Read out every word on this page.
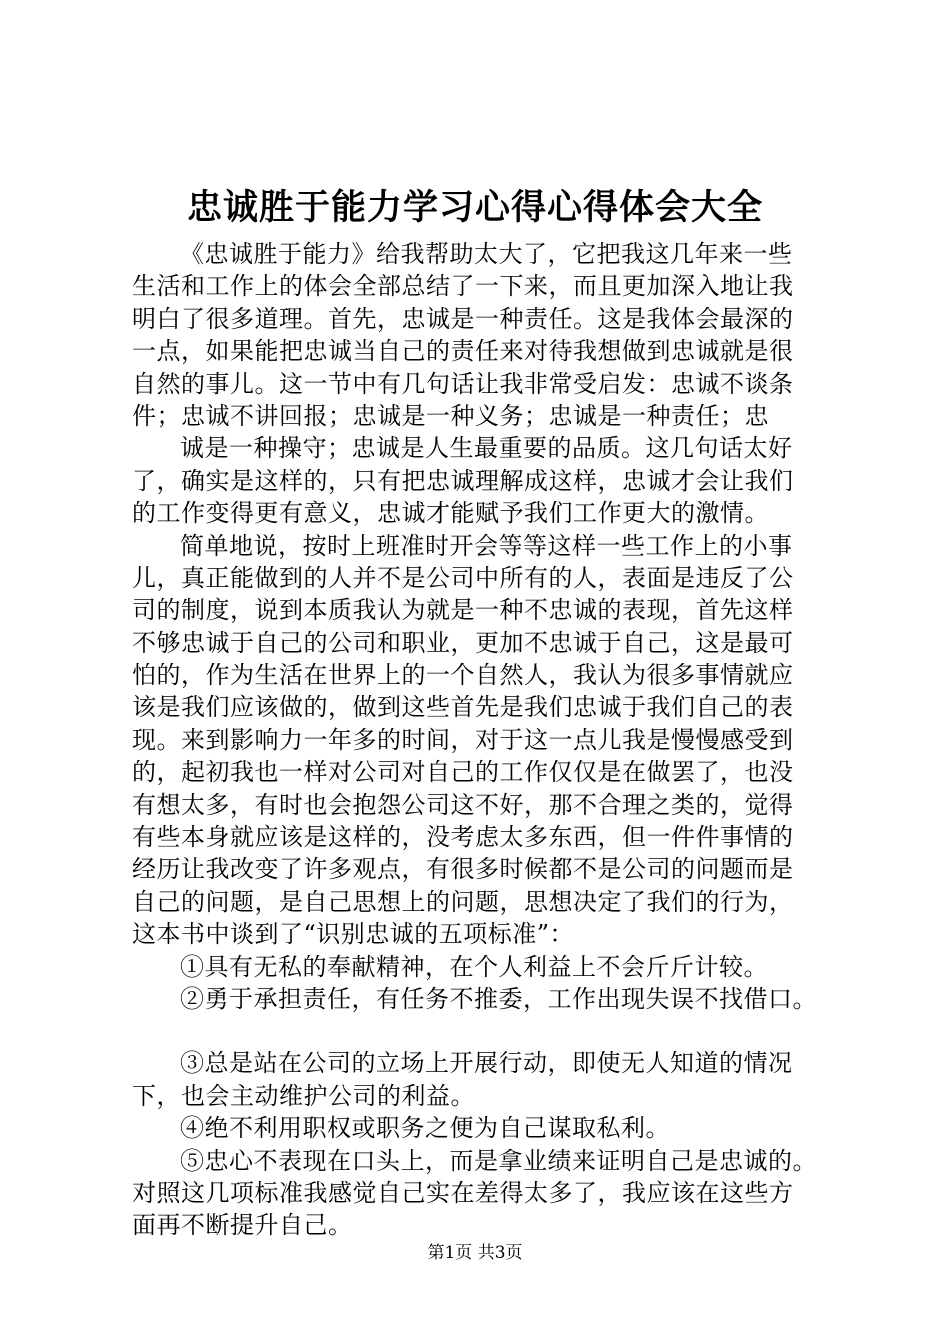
忠诚胜于能力学习心得心得体会大全
《忠诚胜于能力》给我帮助太大了，它把我这几年来一些
生活和工作上的体会全部总结了一下来，而且更加深入地让我
明白了很多道理。首先，忠诚是一种责任。这是我体会最深的
一点，如果能把忠诚当自己的责任来对待我想做到忠诚就是很
自然的事儿。这一节中有几句话让我非常受启发：忠诚不谈条
件；忠诚不讲回报；忠诚是一种义务；忠诚是一种责任；忠
诚是一种操守；忠诚是人生最重要的品质。这几句话太好
了，确实是这样的，只有把忠诚理解成这样，忠诚才会让我们
的工作变得更有意义，忠诚才能赋予我们工作更大的激情。
简单地说，按时上班准时开会等等这样一些工作上的小事
儿，真正能做到的人并不是公司中所有的人，表面是违反了公
司的制度，说到本质我认为就是一种不忠诚的表现，首先这样
不够忠诚于自己的公司和职业，更加不忠诚于自己，这是最可
怕的，作为生活在世界上的一个自然人，我认为很多事情就应
该是我们应该做的，做到这些首先是我们忠诚于我们自己的表
现。来到影响力一年多的时间，对于这一点儿我是慢慢感受到
的，起初我也一样对公司对自己的工作仅仅是在做罢了，也没
有想太多，有时也会抱怨公司这不好，那不合理之类的，觉得
有些本身就应该是这样的，没考虑太多东西，但一件件事情的
经历让我改变了许多观点，有很多时候都不是公司的问题而是
自己的问题，是自己思想上的问题，思想决定了我们的行为，
这本书中谈到了“识别忠诚的五项标准”：
①具有无私的奉献精神，在个人利益上不会斤斤计较。
②勇于承担责任，有任务不推委，工作出现失误不找借口。
③总是站在公司的立场上开展行动，即使无人知道的情况
下，也会主动维护公司的利益。
④绝不利用职权或职务之便为自己谋取私利。
⑤忠心不表现在口头上，而是拿业绩来证明自己是忠诚的。
对照这几项标准我感觉自己实在差得太多了，我应该在这些方
面再不断提升自己。
第1页 共3页
